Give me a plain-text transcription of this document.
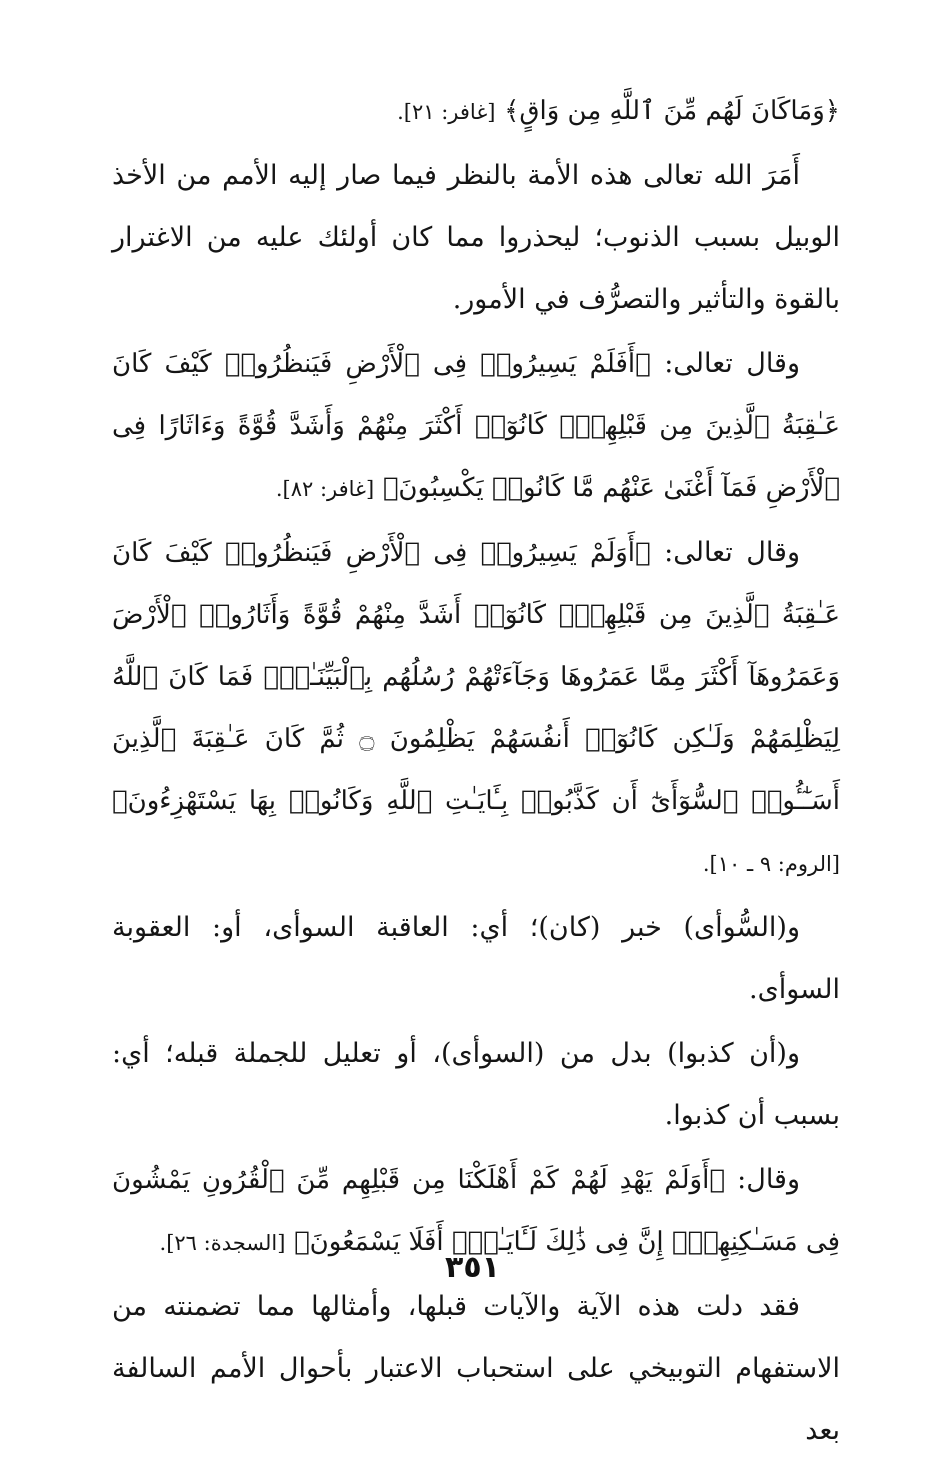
﴿وَمَاكَانَ لَهُم مِّنَ ٱللَّهِ مِن وَاقٍ﴾ [غافر: ٢١].

أَمَرَ الله تعالى هذه الأمة بالنظر فيما صار إليه الأمم من الأخذ الوبيل بسبب الذنوب؛ ليحذروا مما كان أولئك عليه من الاغترار بالقوة والتأثير والتصرُّف في الأمور.

وقال تعالى: ﴿أَفَلَمْ يَسِيرُوا۟ فِى ٱلْأَرْضِ فَيَنظُرُوا۟ كَيْفَ كَانَ عَـٰقِبَةُ ٱلَّذِينَ مِن قَبْلِهِمْۚ كَانُوٓا۟ أَكْثَرَ مِنْهُمْ وَأَشَدَّ قُوَّةً وَءَاثَارًا فِى ٱلْأَرْضِ فَمَآ أَغْنَىٰ عَنْهُم مَّا كَانُوا۟ يَكْسِبُونَ﴾ [غافر: ٨٢].

وقال تعالى: ﴿أَوَلَمْ يَسِيرُوا۟ فِى ٱلْأَرْضِ فَيَنظُرُوا۟ كَيْفَ كَانَ عَـٰقِبَةُ ٱلَّذِينَ مِن قَبْلِهِمْۚ كَانُوٓا۟ أَشَدَّ مِنْهُمْ قُوَّةً وَأَثَارُوا۟ ٱلْأَرْضَ وَعَمَرُوهَآ أَكْثَرَ مِمَّا عَمَرُوهَا وَجَآءَتْهُمْ رُسُلُهُم بِٱلْبَيِّنَـٰتِۖ فَمَا كَانَ ٱللَّهُ لِيَظْلِمَهُمْ وَلَـٰكِن كَانُوٓا۟ أَنفُسَهُمْ يَظْلِمُونَ ۝ ثُمَّ كَانَ عَـٰقِبَةَ ٱلَّذِينَ أَسَـٰٓـُٔوا۟ ٱلسُّوٓأَىٰٓ أَن كَذَّبُوا۟ بِـَٔايَـٰتِ ٱللَّهِ وَكَانُوا۟ بِهَا يَسْتَهْزِءُونَ﴾ [الروم: ٩ ـ ١٠].

و(السُّوأى) خبر (كان)؛ أي: العاقبة السوأى، أو: العقوبة السوأى.

و(أن كذبوا) بدل من (السوأى)، أو تعليل للجملة قبله؛ أي: بسبب أن كذبوا.

وقال: ﴿أَوَلَمْ يَهْدِ لَهُمْ كَمْ أَهْلَكْنَا مِن قَبْلِهِم مِّنَ ٱلْقُرُونِ يَمْشُونَ فِى مَسَـٰكِنِهِمْۚ إِنَّ فِى ذَٰلِكَ لَـَٔايَـٰتٍۖ أَفَلَا يَسْمَعُونَ﴾ [السجدة: ٢٦].

فقد دلت هذه الآية والآيات قبلها، وأمثالها مما تضمنته من الاستفهام التوبيخي على استحباب الاعتبار بأحوال الأمم السالفة بعد

٣٥١
